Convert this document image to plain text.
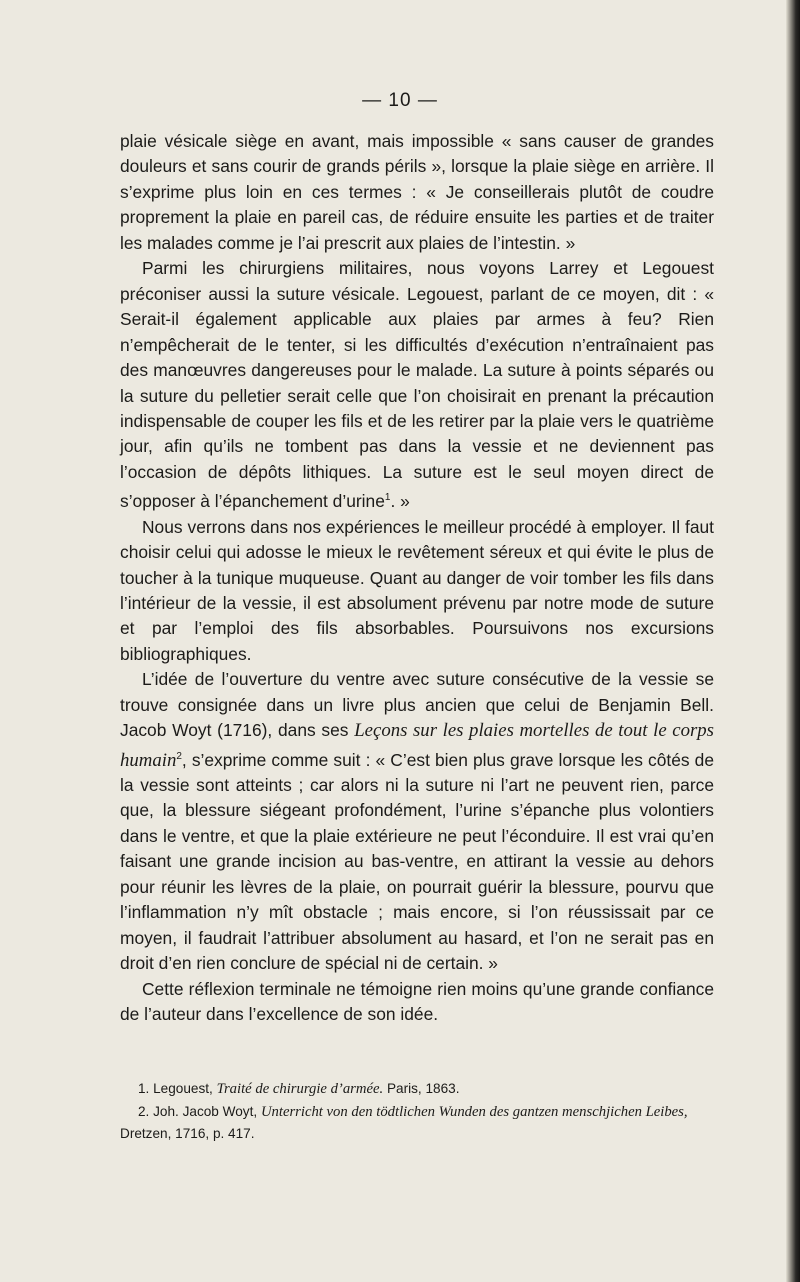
— 10 —

plaie vésicale siège en avant, mais impossible « sans causer de grandes douleurs et sans courir de grands périls », lorsque la plaie siège en arrière. Il s’exprime plus loin en ces termes : « Je conseillerais plutôt de coudre proprement la plaie en pareil cas, de réduire ensuite les parties et de traiter les malades comme je l’ai prescrit aux plaies de l’intestin. »

Parmi les chirurgiens militaires, nous voyons Larrey et Legouest préconiser aussi la suture vésicale. Legouest, parlant de ce moyen, dit : « Serait-il également applicable aux plaies par armes à feu? Rien n’empêcherait de le tenter, si les difficultés d’exécution n’entraînaient pas des manœuvres dangereuses pour le malade. La suture à points séparés ou la suture du pelletier serait celle que l’on choisirait en prenant la précaution indispensable de couper les fils et de les retirer par la plaie vers le quatrième jour, afin qu’ils ne tombent pas dans la vessie et ne deviennent pas l’occasion de dépôts lithiques. La suture est le seul moyen direct de s’opposer à l’épanchement d’urine$^1$. »

Nous verrons dans nos expériences le meilleur procédé à employer. Il faut choisir celui qui adosse le mieux le revêtement séreux et qui évite le plus de toucher à la tunique muqueuse. Quant au danger de voir tomber les fils dans l’intérieur de la vessie, il est absolument prévenu par notre mode de suture et par l’emploi des fils absorbables. Poursuivons nos excursions bibliographiques.

L’idée de l’ouverture du ventre avec suture consécutive de la vessie se trouve consignée dans un livre plus ancien que celui de Benjamin Bell. Jacob Woyt (1716), dans ses Leçons sur les plaies mortelles de tout le corps humain$^2$, s’exprime comme suit : « C’est bien plus grave lorsque les côtés de la vessie sont atteints ; car alors ni la suture ni l’art ne peuvent rien, parce que, la blessure siégeant profondément, l’urine s’épanche plus volontiers dans le ventre, et que la plaie extérieure ne peut l’éconduire. Il est vrai qu’en faisant une grande incision au bas-ventre, en attirant la vessie au dehors pour réunir les lèvres de la plaie, on pourrait guérir la blessure, pourvu que l’inflammation n’y mît obstacle ; mais encore, si l’on réussissait par ce moyen, il faudrait l’attribuer absolument au hasard, et l’on ne serait pas en droit d’en rien conclure de spécial ni de certain. »

Cette réflexion terminale ne témoigne rien moins qu’une grande confiance de l’auteur dans l’excellence de son idée.

1. Legouest, Traité de chirurgie d’armée. Paris, 1863.

2. Joh. Jacob Woyt, Unterricht von den tödtlichen Wunden des gantzen menschjichen Leibes, Dretzen, 1716, p. 417.
